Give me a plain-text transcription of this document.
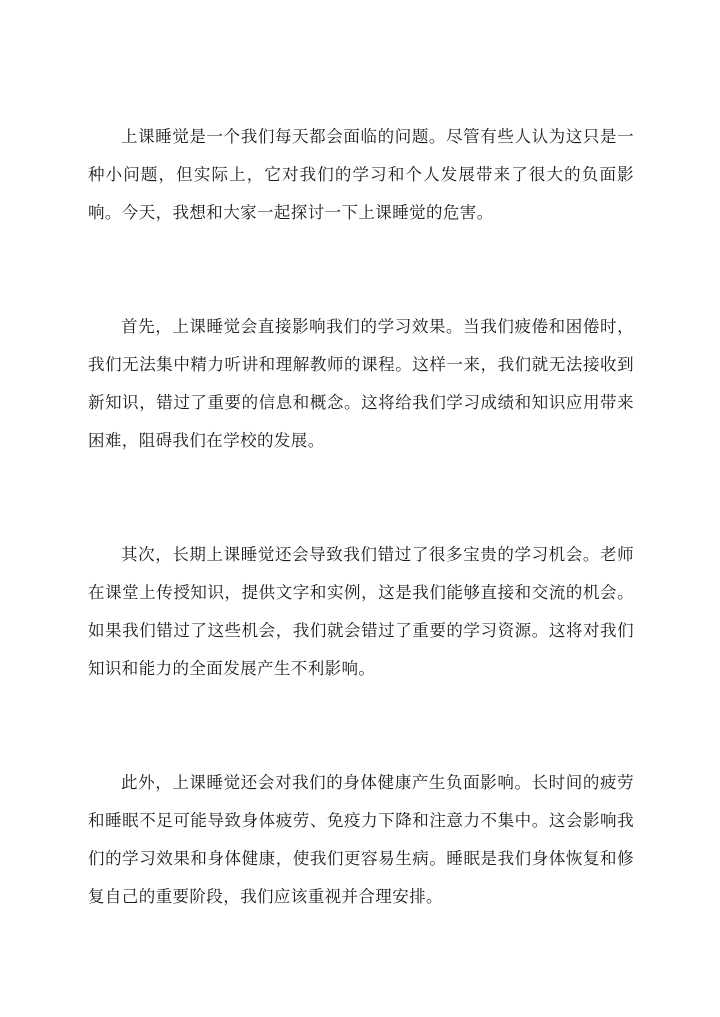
上课睡觉是一个我们每天都会面临的问题。尽管有些人认为这只是一种小问题，但实际上，它对我们的学习和个人发展带来了很大的负面影响。今天，我想和大家一起探讨一下上课睡觉的危害。

首先，上课睡觉会直接影响我们的学习效果。当我们疲倦和困倦时，我们无法集中精力听讲和理解教师的课程。这样一来，我们就无法接收到新知识，错过了重要的信息和概念。这将给我们学习成绩和知识应用带来困难，阻碍我们在学校的发展。

其次，长期上课睡觉还会导致我们错过了很多宝贵的学习机会。老师在课堂上传授知识，提供文字和实例，这是我们能够直接和交流的机会。如果我们错过了这些机会，我们就会错过了重要的学习资源。这将对我们知识和能力的全面发展产生不利影响。

此外，上课睡觉还会对我们的身体健康产生负面影响。长时间的疲劳和睡眠不足可能导致身体疲劳、免疫力下降和注意力不集中。这会影响我们的学习效果和身体健康，使我们更容易生病。睡眠是我们身体恢复和修复自己的重要阶段，我们应该重视并合理安排。
